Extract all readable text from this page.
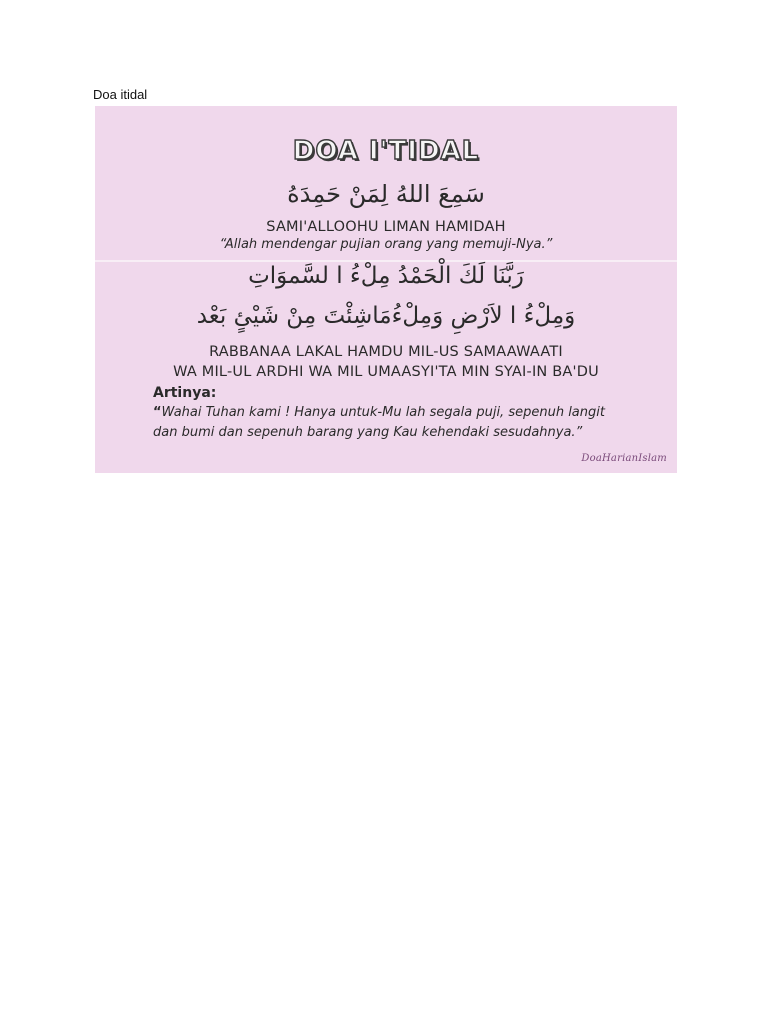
Doa itidal
DOA I'TIDAL
سَمِعَ اللهُ لِمَنْ حَمِدَهُ
SAMI'ALLOOHU LIMAN HAMIDAH
“Allah mendengar pujian orang yang memuji-Nya.”
رَبَّنَا لَكَ الْحَمْدُ مِلْءُ ا لسَّموَاتِ
وَمِلْءُ ا لاَرْضِ وَمِلْءُمَاشِئْتَ مِنْ شَيْئٍ بَعْد
RABBANAA LAKAL HAMDU MIL-US SAMAAWAATI
WA MIL-UL ARDHI WA MIL UMAASYI'TA MIN SYAI-IN BA'DU
Artinya:
“Wahai Tuhan kami ! Hanya untuk-Mu lah segala puji, sepenuh langit
dan bumi dan sepenuh barang yang Kau kehendaki sesudahnya.”
DoaHarianIslam
